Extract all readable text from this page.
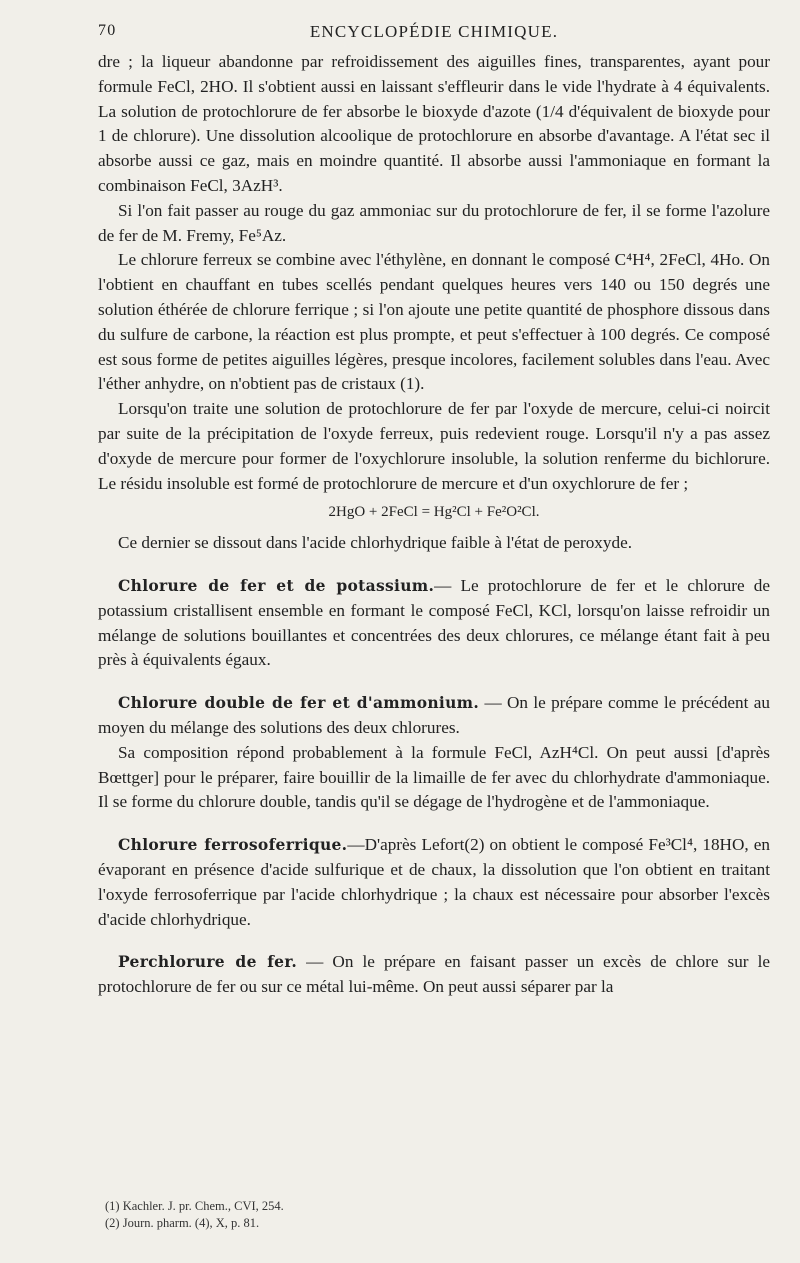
70	ENCYCLOPÉDIE CHIMIQUE.

dre ; la liqueur abandonne par refroidissement des aiguilles fines, transparentes, ayant pour formule FeCl, 2HO. Il s'obtient aussi en laissant s'effleurir dans le vide l'hydrate à 4 équivalents. La solution de protochlorure de fer absorbe le bioxyde d'azote (1/4 d'équivalent de bioxyde pour 1 de chlorure). Une dissolution alcoolique de protochlorure en absorbe d'avantage. A l'état sec il absorbe aussi ce gaz, mais en moindre quantité. Il absorbe aussi l'ammoniaque en formant la combinaison FeCl, 3AzH³.

Si l'on fait passer au rouge du gaz ammoniac sur du protochlorure de fer, il se forme l'azolure de fer de M. Fremy, Fe⁵Az.

Le chlorure ferreux se combine avec l'éthylène, en donnant le composé C⁴H⁴, 2FeCl, 4Ho. On l'obtient en chauffant en tubes scellés pendant quelques heures vers 140 ou 150 degrés une solution éthérée de chlorure ferrique ; si l'on ajoute une petite quantité de phosphore dissous dans du sulfure de carbone, la réaction est plus prompte, et peut s'effectuer à 100 degrés. Ce composé est sous forme de petites aiguilles légères, presque incolores, facilement solubles dans l'eau. Avec l'éther anhydre, on n'obtient pas de cristaux (1).

Lorsqu'on traite une solution de protochlorure de fer par l'oxyde de mercure, celui-ci noircit par suite de la précipitation de l'oxyde ferreux, puis redevient rouge. Lorsqu'il n'y a pas assez d'oxyde de mercure pour former de l'oxychlorure insoluble, la solution renferme du bichlorure. Le résidu insoluble est formé de protochlorure de mercure et d'un oxychlorure de fer ;

2HgO + 2FeCl = Hg²Cl + Fe²O²Cl.

Ce dernier se dissout dans l'acide chlorhydrique faible à l'état de peroxyde.

Chlorure de fer et de potassium.— Le protochlorure de fer et le chlorure de potassium cristallisent ensemble en formant le composé FeCl, KCl, lorsqu'on laisse refroidir un mélange de solutions bouillantes et concentrées des deux chlorures, ce mélange étant fait à peu près à équivalents égaux.

Chlorure double de fer et d'ammonium. — On le prépare comme le précédent au moyen du mélange des solutions des deux chlorures.

Sa composition répond probablement à la formule FeCl, AzH⁴Cl. On peut aussi [d'après Bœttger] pour le préparer, faire bouillir de la limaille de fer avec du chlorhydrate d'ammoniaque. Il se forme du chlorure double, tandis qu'il se dégage de l'hydrogène et de l'ammoniaque.

Chlorure ferrosoferrique.—D'après Lefort(2) on obtient le composé Fe³Cl⁴, 18HO, en évaporant en présence d'acide sulfurique et de chaux, la dissolution que l'on obtient en traitant l'oxyde ferrosoferrique par l'acide chlorhydrique ; la chaux est nécessaire pour absorber l'excès d'acide chlorhydrique.

Perchlorure de fer. — On le prépare en faisant passer un excès de chlore sur le protochlorure de fer ou sur ce métal lui-même. On peut aussi séparer par la

(1) Kachler. J. pr. Chem., CVI, 254.
(2) Journ. pharm. (4), X, p. 81.
